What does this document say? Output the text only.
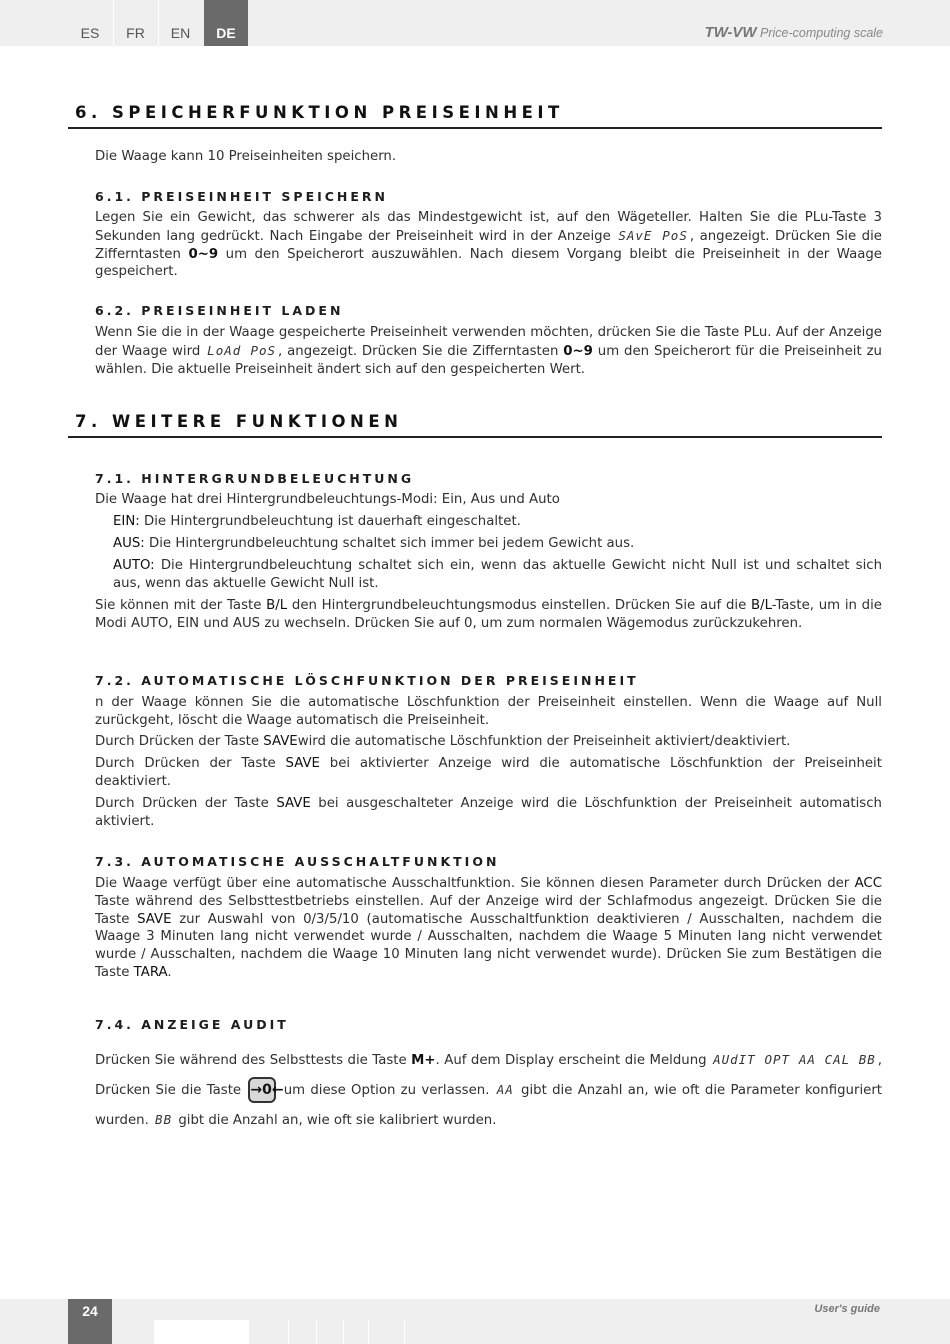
ES	FR	EN	DE	TW-VW Price-computing scale
6. SPEICHERFUNKTION PREISEINHEIT
Die Waage kann 10 Preiseinheiten speichern.
6.1. PREISEINHEIT SPEICHERN
Legen Sie ein Gewicht, das schwerer als das Mindestgewicht ist, auf den Wägeteller. Halten Sie die PLu-Taste 3 Sekunden lang gedrückt. Nach Eingabe der Preiseinheit wird in der Anzeige SAvE PoS , angezeigt. Drücken Sie die Zifferntasten 0~9 um den Speicherort auszuwählen. Nach diesem Vorgang bleibt die Preiseinheit in der Waage gespeichert.
6.2. PREISEINHEIT LADEN
Wenn Sie die in der Waage gespeicherte Preiseinheit verwenden möchten, drücken Sie die Taste PLu. Auf der Anzeige der Waage wird LoAd PoS , angezeigt. Drücken Sie die Zifferntasten 0~9 um den Speicherort für die Preiseinheit zu wählen. Die aktuelle Preiseinheit ändert sich auf den gespeicherten Wert.
7. WEITERE FUNKTIONEN
7.1. HINTERGRUNDBELEUCHTUNG
Die Waage hat drei Hintergrundbeleuchtungs-Modi: Ein, Aus und Auto
EIN: Die Hintergrundbeleuchtung ist dauerhaft eingeschaltet.
AUS: Die Hintergrundbeleuchtung schaltet sich immer bei jedem Gewicht aus.
AUTO: Die Hintergrundbeleuchtung schaltet sich ein, wenn das aktuelle Gewicht nicht Null ist und schaltet sich aus, wenn das aktuelle Gewicht Null ist.
Sie können mit der Taste B/L den Hintergrundbeleuchtungsmodus einstellen. Drücken Sie auf die B/L-Taste, um in die Modi AUTO, EIN und AUS zu wechseln. Drücken Sie auf 0, um zum normalen Wägemodus zurückzukehren.
7.2. AUTOMATISCHE LÖSCHFUNKTION DER PREISEINHEIT
n der Waage können Sie die automatische Löschfunktion der Preiseinheit einstellen. Wenn die Waage auf Null zurückgeht, löscht die Waage automatisch die Preiseinheit.
Durch Drücken der Taste SAVEwird die automatische Löschfunktion der Preiseinheit aktiviert/deaktiviert.
Durch Drücken der Taste SAVE bei aktivierter Anzeige wird die automatische Löschfunktion der Preiseinheit deaktiviert.
Durch Drücken der Taste SAVE bei ausgeschalteter Anzeige wird die Löschfunktion der Preiseinheit automatisch aktiviert.
7.3. AUTOMATISCHE AUSSCHALTFUNKTION
Die Waage verfügt über eine automatische Ausschaltfunktion. Sie können diesen Parameter durch Drücken der ACC Taste während des Selbsttestbetriebs einstellen. Auf der Anzeige wird der Schlafmodus angezeigt. Drücken Sie die Taste SAVE zur Auswahl von 0/3/5/10 (automatische Ausschaltfunktion deaktivieren / Ausschalten, nachdem die Waage 3 Minuten lang nicht verwendet wurde / Ausschalten, nachdem die Waage 5 Minuten lang nicht verwendet wurde / Ausschalten, nachdem die Waage 10 Minuten lang nicht verwendet wurde). Drücken Sie zum Bestätigen die Taste TARA.
7.4. ANZEIGE AUDIT
Drücken Sie während des Selbsttests die Taste M+. Auf dem Display erscheint die Meldung AUdIT OPT AA CAL BB , Drücken Sie die Taste →0← um diese Option zu verlassen. AA gibt die Anzahl an, wie oft die Parameter konfiguriert wurden. BB gibt die Anzahl an, wie oft sie kalibriert wurden.
24	User's guide
